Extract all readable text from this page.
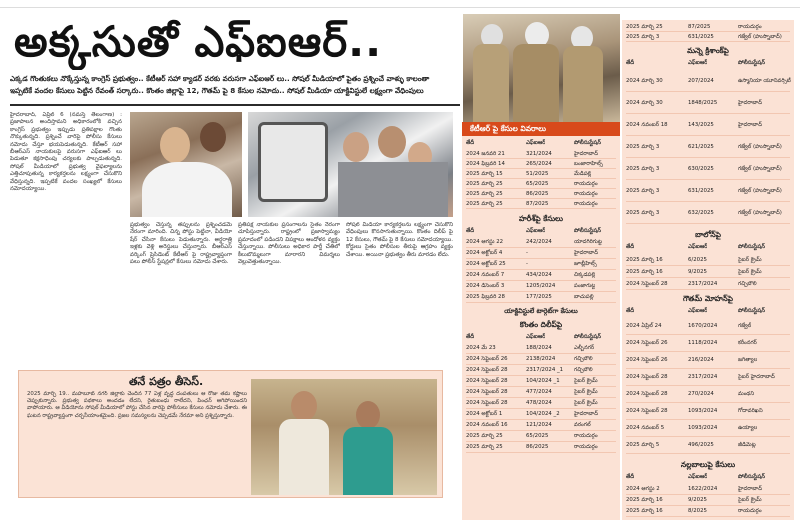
అక్కసుతో ఎఫ్ఐఆర్..

ఎక్కడ గొంతుకలు నొక్కేస్తున్న కాంగ్రెస్ ప్రభుత్వం.. కేటీఆర్ సహా క్యాడర్ వరకు వరుసగా ఎఫ్ఐఆర్ లు.. సోషల్ మీడియాలో పైతం ప్రశ్నించే వాళ్ళు కాలంతా

ఇప్పటికే వందల కేసులు పెట్టిన రేవంత్ సర్కారు.. కొంతం జిల్లాపై 12, గౌతమ్ పై 8 కేసుల నమోదు.. సోషల్ మీడియా యాక్టివిస్టులే లక్ష్యంగా వేధింపులు

హైదరాబాద్, ఏప్రిల్ 6 (నమస్తే తెలంగాణ) : ప్రజాపాలన అందిస్తామని అధికారంలోకి వచ్చిన కాంగ్రెస్ ప్రభుత్వం ఇప్పుడు ప్రతిపక్షాల గొంతు నొక్కుతున్నది. ప్రశ్నించే వారిపై పోలీసు కేసులు నమోదు చేస్తూ భయపెడుతున్నది. కేటీఆర్ సహా బీఆర్ఎస్ నాయకులపై వరుసగా ఎఫ్ఐఆర్ లు పెడుతూ కక్షసాధింపు చర్యలకు పాల్పడుతున్నది. సోషల్ మీడియాలో ప్రభుత్వ వైఫల్యాలను ఎత్తిచూపుతున్న కార్యకర్తలను లక్ష్యంగా చేసుకొని వేధిస్తున్నది. ఇప్పటికే వందల సంఖ్యలో కేసులు నమోదయ్యాయి.
ప్రభుత్వం చేస్తున్న తప్పులను ప్రశ్నించడమే నేరంగా మారింది. చిన్న పోస్టు పెట్టినా, వీడియో షేర్ చేసినా కేసులు పెడుతున్నారు. అర్ధరాత్రి ఇళ్లకు వెళ్లి అరెస్టులు చేస్తున్నారు. బీఆర్ఎస్ వర్కింగ్ ప్రెసిడెంట్ కేటీఆర్ పై రాష్ట్రవ్యాప్తంగా పలు పోలీస్ స్టేషన్లలో కేసులు నమోదు చేశారు.
ప్రతిపక్ష నాయకుల ప్రసంగాలను సైతం నేరంగా చూపిస్తున్నారు. రాష్ట్రంలో ప్రజాస్వామ్యం ప్రమాదంలో పడిందని విపక్షాలు ఆందోళన వ్యక్తం చేస్తున్నాయి. పోలీసులు అధికార పార్టీ చేతిలో కీలుబొమ్మలుగా మారారని విమర్శలు వెల్లువెత్తుతున్నాయి.
సోషల్ మీడియా కార్యకర్తలను లక్ష్యంగా చేసుకొని వేధింపులు కొనసాగుతున్నాయి. కొంతం దిలీప్ పై 12 కేసులు, గౌతమ్ పై 8 కేసులు నమోదయ్యాయి. కోర్టులు సైతం పోలీసుల తీరుపై ఆగ్రహం వ్యక్తం చేశాయి. అయినా ప్రభుత్వం తీరు మారడం లేదు.
తనే పత్రం తీసెస్.
2025 మార్చి 19.. మహబూబ్ నగర్ జిల్లాకు చెందిన 77 ఏళ్ల వృద్ధ దంపతులు ఆ రోజు తమ కష్టాలు చెప్పుకున్నారు. ప్రభుత్వ పథకాలు అందడం లేదని, రైతుబంధు రాలేదని, పింఛన్ ఆగిపోయిందని వాపోయారు. ఆ వీడియోను సోషల్ మీడియాలో పోస్టు చేసిన వారిపై పోలీసులు కేసులు నమోదు చేశారు. ఈ ఘటన రాష్ట్రవ్యాప్తంగా చర్చనీయాంశమైంది. ప్రజల సమస్యలను చెప్పడమే నేరమా అని ప్రశ్నిస్తున్నారు.
కేటీఆర్ పై కేసుల వివరాలు
తేదీ	ఎఫ్ఐఆర్	పోలీసుస్టేషన్
2024 జనవరి 21	321/2024	హైదరాబాద్
2024 ఫిబ్రవరి 14	265/2024	బంజారాహిల్స్
2025 మార్చి 15	51/2025	మేడిపల్లి
2025 మార్చి 25	65/2025	రాయదుర్గం
2025 మార్చి 25	86/2025	రాయదుర్గం
2025 మార్చి 25	87/2025	రాయదుర్గం
హరీశ్‌పై కేసులు
తేదీ	ఎఫ్ఐఆర్	పోలీసుస్టేషన్
2024 ఆగస్టు 22	242/2024	యాదగిరిగుట్ట
2024 అక్టోబర్ 4	-	హైదరాబాద్
2024 అక్టోబర్ 25	-	జూబ్లీహిల్స్
2024 నవంబర్ 7	434/2024	చిక్కడపల్లి
2024 డిసెంబర్ 3	1205/2024	పంజాగుట్ట
2025 ఫిబ్రవరి 28	177/2025	బాచుపల్లి
యాక్టివిస్టులే టార్గెట్‌గా కేసులు
కొంతం దిలీప్‌పై
తేదీ	ఎఫ్ఐఆర్	పోలీసుస్టేషన్
2024 మే 23	188/2024	ఎల్బీనగర్
2024 సెప్టెంబర్ 26	2138/2024	గచ్చిబౌలి
2024 సెప్టెంబర్ 28	2317/2024 _1 గచ్చిబౌలి
2024 సెప్టెంబర్ 28	104/2024 _1	సైబర్ క్రైమ్
2024 సెప్టెంబర్ 28	477/2024	సైబర్ క్రైమ్
2024 సెప్టెంబర్ 28	478/2024	సైబర్ క్రైమ్
2024 అక్టోబర్ 1	104/2024 _2	హైదరాబాద్
2024 నవంబర్ 16	121/2024	వరంగల్
2025 మార్చి 25	65/2025	రాయదుర్గం
2025 మార్చి 25	86/2025	రాయదుర్గం
2025 మార్చి 25	87/2025	రాయదుర్గం
2025 మార్చి 3	631/2025	గజ్వేల్ (హుస్నాబాద్)
మన్నె క్రిశాంక్‌పై
తేదీ	ఎఫ్ఐఆర్	పోలీసుస్టేషన్
2024 మార్చి 30	207/2024	ఉస్మానియా యూనివర్సిటీ
2024 మార్చి 30	1848/2025	హైదరాబాద్
2024 నవంబర్ 18	143/2025	హైదరాబాద్
2025 మార్చి 3	621/2025	గజ్వేల్ (హుస్నాబాద్)
2025 మార్చి 3	630/2025	గజ్వేల్ (హుస్నాబాద్)
2025 మార్చి 3	631/2025	గజ్వేల్ (హుస్నాబాద్)
2025 మార్చి 3	632/2025	గజ్వేల్ (హుస్నాబాద్)
బాలోన్‌పై
తేదీ	ఎఫ్ఐఆర్	పోలీసుస్టేషన్
2025 మార్చి 16	6/2025	సైబర్ క్రైమ్
2025 మార్చి 16	9/2025	సైబర్ క్రైమ్
2024 సెప్టెంబర్ 28	2317/2024	గచ్చిబౌలి
గౌతమ్ మోహన్‌పై
తేదీ	ఎఫ్ఐఆర్	పోలీసుస్టేషన్
2024 ఏప్రిల్ 24	1670/2024	గజ్వేల్
2024 సెప్టెంబర్ 26	1118/2024	కరీంనగర్
2024 సెప్టెంబర్ 26	216/2024	జగిత్యాల
2024 సెప్టెంబర్ 28	2317/2024	సైబర్ హైదరాబాద్
2024 సెప్టెంబర్ 28	270/2024	మంథని
2024 సెప్టెంబర్ 28	1093/2024	గోదావరిఖని
2024 నవంబర్ 5	1093/2024	ఉయ్యాల
2025 మార్చి 5	496/2025	జీడిమెట్ల
నల్లబాలుపై కేసులు
తేదీ	ఎఫ్ఐఆర్	పోలీసుస్టేషన్
2024 ఆగస్టు 2	1622/2024	హైదరాబాద్
2025 మార్చి 16	9/2025	సైబర్ క్రైమ్
2025 మార్చి 16	8/2025	రాయదుర్గం
